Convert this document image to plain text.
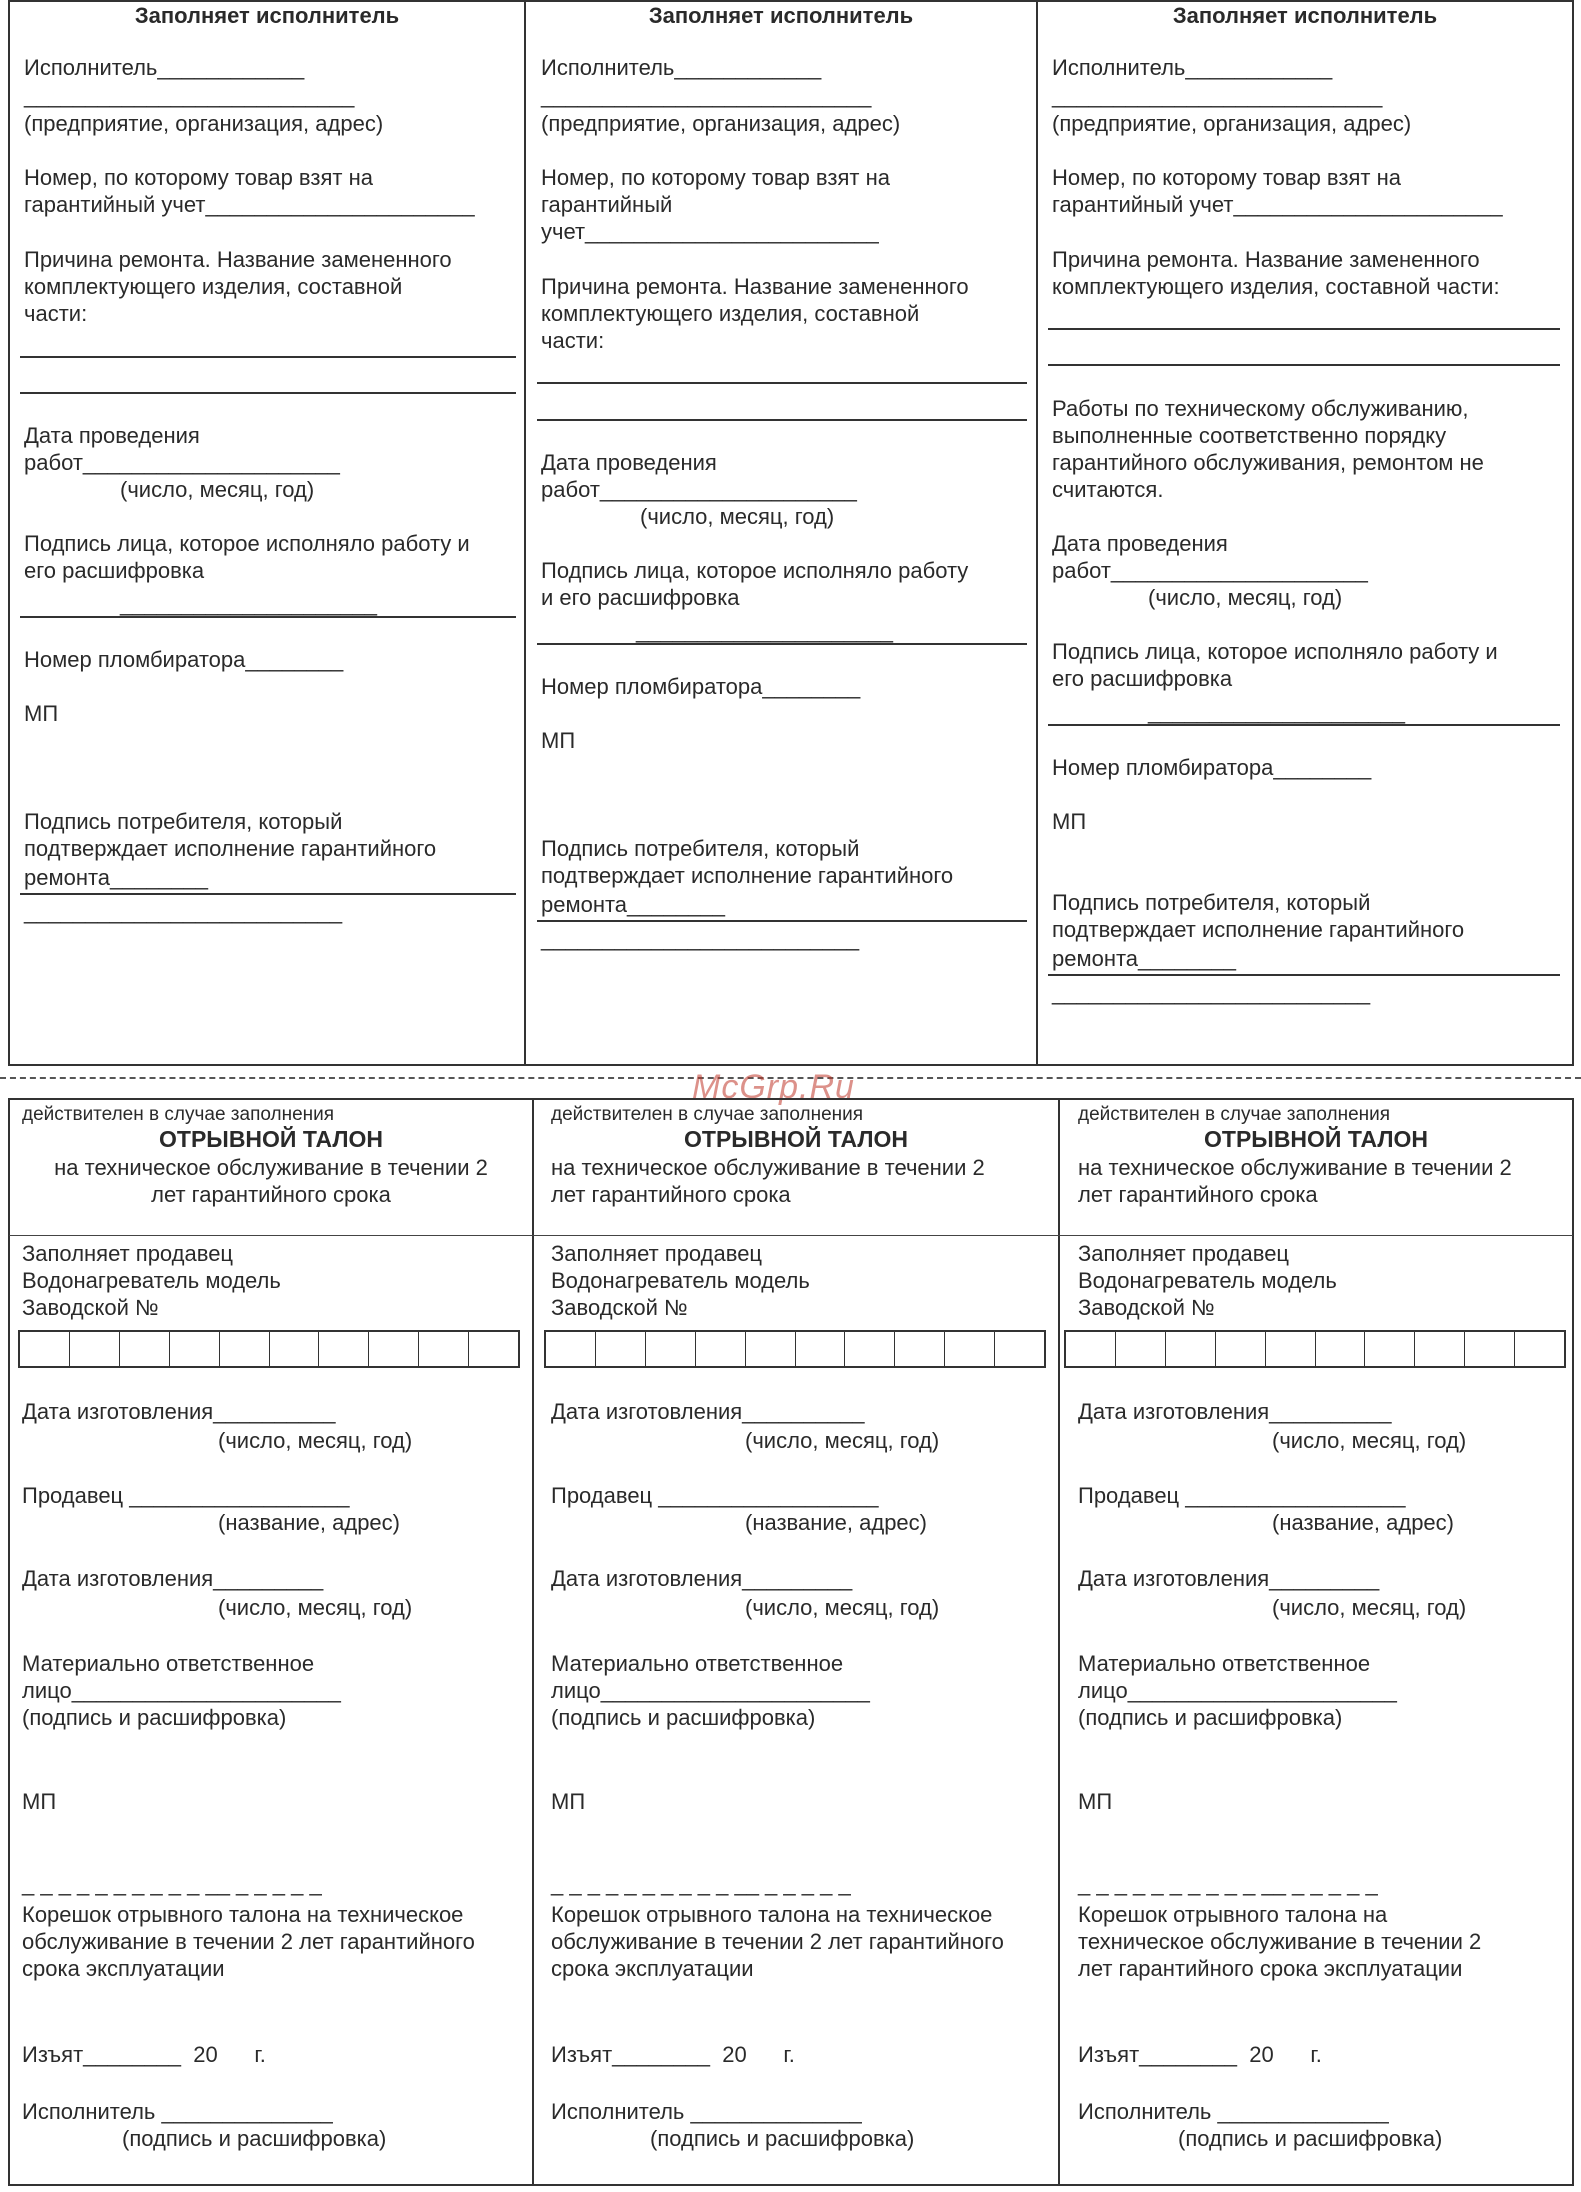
Заполняет исполнитель
Исполнитель____________
___________________________
(предприятие, организация, адрес)
Номер, по которому товар взят на
гарантийный учет______________________
Причина ремонта. Название замененного
комплектующего изделия, составной
части:
Дата проведения
работ_____________________
(число, месяц, год)
Подпись лица, которое исполняло работу и
его расшифровка
_____________________
Номер пломбиратора________
МП
Подпись потребителя, который
подтверждает исполнение гарантийного
ремонта________
__________________________
Заполняет исполнитель
Исполнитель____________
___________________________
(предприятие, организация, адрес)
Номер, по которому товар взят на
гарантийный
учет________________________
Причина ремонта. Название замененного
комплектующего изделия, составной
части:
Дата проведения
работ_____________________
(число, месяц, год)
Подпись лица, которое исполняло работу
и его расшифровка
_____________________
Номер пломбиратора________
МП
Подпись потребителя, который
подтверждает исполнение гарантийного
ремонта________
__________________________
Заполняет исполнитель
Исполнитель____________
___________________________
(предприятие, организация, адрес)
Номер, по которому товар взят на
гарантийный учет______________________
Причина ремонта. Название замененного
комплектующего изделия, составной части:
Работы по техническому обслуживанию,
выполненные соответственно порядку
гарантийного обслуживания, ремонтом не
считаются.
Дата проведения
работ_____________________
(число, месяц, год)
Подпись лица, которое исполняло работу и
его расшифровка
_____________________
Номер пломбиратора________
МП
Подпись потребителя, который
подтверждает исполнение гарантийного
ремонта________
__________________________
McGrp.Ru
действителен в случае заполнения
ОТРЫВНОЙ ТАЛОН
на техническое обслуживание в течении 2
лет гарантийного срока
Заполняет продавец
Водонагреватель модель
Заводской №
Дата изготовления__________
(число, месяц, год)
Продавец __________________
(название, адрес)
Дата изготовления_________
(число, месяц, год)
Материально ответственное
лицо______________________
(подпись и расшифровка)
МП
_ _ _ _ _ _ _ _ _ _ __ _ _ _ _ _
Корешок отрывного талона на техническое
обслуживание в течении 2 лет гарантийного
срока эксплуатации
Изъят________  20      г.
Исполнитель ______________
(подпись и расшифровка)
действителен в случае заполнения
ОТРЫВНОЙ ТАЛОН
на техническое обслуживание в течении 2
лет гарантийного срока
Заполняет продавец
Водонагреватель модель
Заводской №
Дата изготовления__________
(число, месяц, год)
Продавец __________________
(название, адрес)
Дата изготовления_________
(число, месяц, год)
Материально ответственное
лицо______________________
(подпись и расшифровка)
МП
_ _ _ _ _ _ _ _ _ _ __ _ _ _ _ _
Корешок отрывного талона на техническое
обслуживание в течении 2 лет гарантийного
срока эксплуатации
Изъят________  20      г.
Исполнитель ______________
(подпись и расшифровка)
действителен в случае заполнения
ОТРЫВНОЙ ТАЛОН
на техническое обслуживание в течении 2
лет гарантийного срока
Заполняет продавец
Водонагреватель модель
Заводской №
Дата изготовления__________
(число, месяц, год)
Продавец __________________
(название, адрес)
Дата изготовления_________
(число, месяц, год)
Материально ответственное
лицо______________________
(подпись и расшифровка)
МП
_ _ _ _ _ _ _ _ _ _ __ _ _ _ _ _
Корешок отрывного талона на
техническое обслуживание в течении 2
лет гарантийного срока эксплуатации
Изъят________  20      г.
Исполнитель ______________
(подпись и расшифровка)
